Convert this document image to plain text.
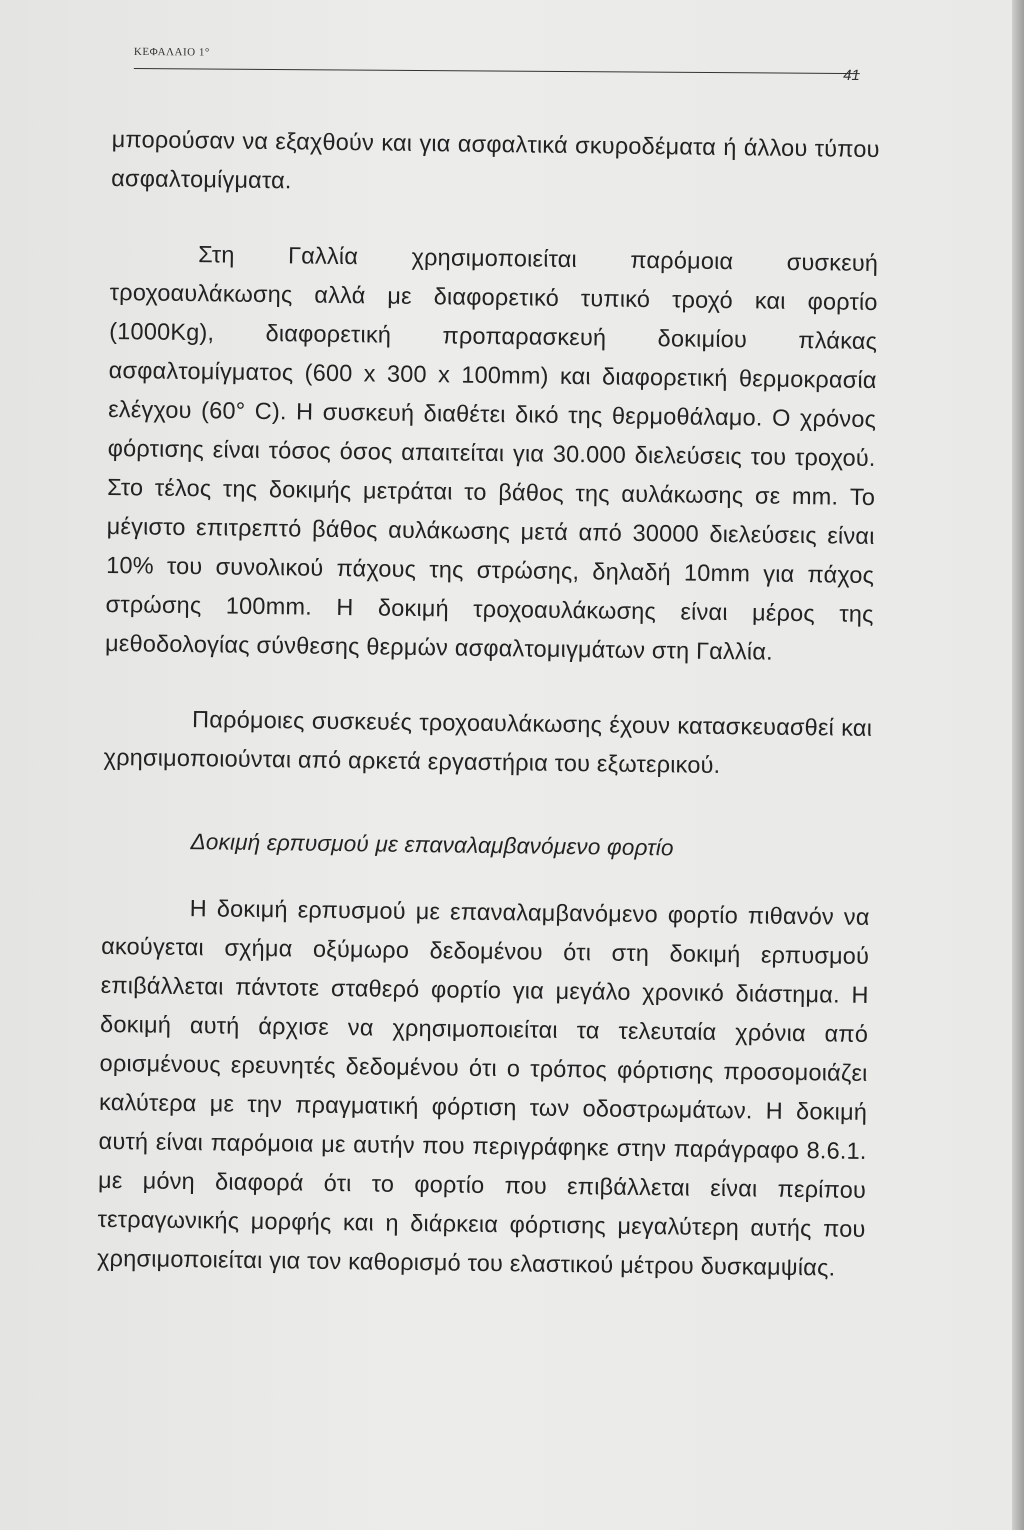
ΚΕΦΑΛΑΙΟ 1°
41

μπορούσαν να εξαχθούν και για ασφαλτικά σκυροδέματα ή άλλου τύπου ασφαλτομίγματα.

Στη Γαλλία χρησιμοποιείται παρόμοια συσκευή τροχοαυλάκωσης αλλά με διαφορετικό τυπικό τροχό και φορτίο (1000Kg), διαφορετική προπαρασκευή δοκιμίου πλάκας ασφαλτομίγματος (600 x 300 x 100mm) και διαφορετική θερμοκρασία ελέγχου (60° C). Η συσκευή διαθέτει δικό της θερμοθάλαμο. Ο χρόνος φόρτισης είναι τόσος όσος απαιτείται για 30.000 διελεύσεις του τροχού. Στο τέλος της δοκιμής μετράται το βάθος της αυλάκωσης σε mm. Το μέγιστο επιτρεπτό βάθος αυλάκωσης μετά από 30000 διελεύσεις είναι 10% του συνολικού πάχους της στρώσης, δηλαδή 10mm για πάχος στρώσης 100mm. Η δοκιμή τροχοαυλάκωσης είναι μέρος της μεθοδολογίας σύνθεσης θερμών ασφαλτομιγμάτων στη Γαλλία.

Παρόμοιες συσκευές τροχοαυλάκωσης έχουν κατασκευασθεί και χρησιμοποιούνται από αρκετά εργαστήρια του εξωτερικού.

Δοκιμή ερπυσμού με επαναλαμβανόμενο φορτίο

Η δοκιμή ερπυσμού με επαναλαμβανόμενο φορτίο πιθανόν να ακούγεται σχήμα οξύμωρο δεδομένου ότι στη δοκιμή ερπυσμού επιβάλλεται πάντοτε σταθερό φορτίο για μεγάλο χρονικό διάστημα. Η δοκιμή αυτή άρχισε να χρησιμοποιείται τα τελευταία χρόνια από ορισμένους ερευνητές δεδομένου ότι ο τρόπος φόρτισης προσομοιάζει καλύτερα με την πραγματική φόρτιση των οδοστρωμάτων. Η δοκιμή αυτή είναι παρόμοια με αυτήν που περιγράφηκε στην παράγραφο 8.6.1. με μόνη διαφορά ότι το φορτίο που επιβάλλεται είναι περίπου τετραγωνικής μορφής και η διάρκεια φόρτισης μεγαλύτερη αυτής που χρησιμοποιείται για τον καθορισμό του ελαστικού μέτρου δυσκαμψίας.
